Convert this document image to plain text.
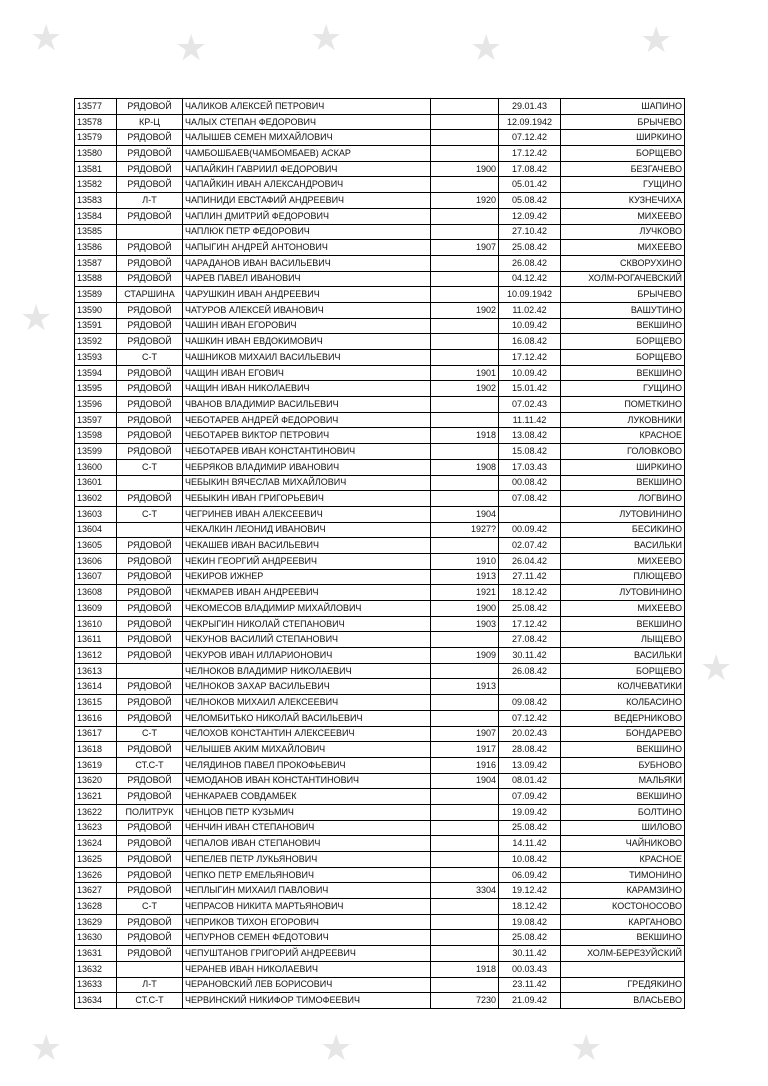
★	★	★	★	★
★
★
★	★	★
13577	РЯДОВОЙ	ЧАЛИКОВ АЛЕКСЕЙ ПЕТРОВИЧ		29.01.43	ШАПИНО
13578	КР-Ц	ЧАЛЫХ СТЕПАН ФЕДОРОВИЧ		12.09.1942	БРЫЧЕВО
13579	РЯДОВОЙ	ЧАЛЫШЕВ СЕМЕН МИХАЙЛОВИЧ		07.12.42	ШИРКИНО
13580	РЯДОВОЙ	ЧАМБОШБАЕВ(ЧАМБОМБАЕВ) АСКАР		17.12.42	БОРЩЕВО
13581	РЯДОВОЙ	ЧАПАЙКИН ГАВРИИЛ ФЕДОРОВИЧ	1900	17.08.42	БЕЗГАЧЕВО
13582	РЯДОВОЙ	ЧАПАЙКИН ИВАН АЛЕКСАНДРОВИЧ		05.01.42	ГУЩИНО
13583	Л-Т	ЧАПИНИДИ ЕВСТАФИЙ АНДРЕЕВИЧ	1920	05.08.42	КУЗНЕЧИХА
13584	РЯДОВОЙ	ЧАПЛИН ДМИТРИЙ ФЕДОРОВИЧ		12.09.42	МИХЕЕВО
13585		ЧАПЛЮК ПЕТР ФЕДОРОВИЧ		27.10.42	ЛУЧКОВО
13586	РЯДОВОЙ	ЧАПЫГИН АНДРЕЙ АНТОНОВИЧ	1907	25.08.42	МИХЕЕВО
13587	РЯДОВОЙ	ЧАРАДАНОВ ИВАН ВАСИЛЬЕВИЧ		26.08.42	СКВОРУХИНО
13588	РЯДОВОЙ	ЧАРЕВ ПАВЕЛ ИВАНОВИЧ		04.12.42	ХОЛМ-РОГАЧЕВСКИЙ
13589	СТАРШИНА	ЧАРУШКИН ИВАН АНДРЕЕВИЧ		10.09.1942	БРЫЧЕВО
13590	РЯДОВОЙ	ЧАТУРОВ АЛЕКСЕЙ ИВАНОВИЧ	1902	11.02.42	ВАШУТИНО
13591	РЯДОВОЙ	ЧАШИН ИВАН ЕГОРОВИЧ		10.09.42	ВЕКШИНО
13592	РЯДОВОЙ	ЧАШКИН ИВАН ЕВДОКИМОВИЧ		16.08.42	БОРЩЕВО
13593	С-Т	ЧАШНИКОВ МИХАИЛ ВАСИЛЬЕВИЧ		17.12.42	БОРЩЕВО
13594	РЯДОВОЙ	ЧАЩИН ИВАН ЕГОВИЧ	1901	10.09.42	ВЕКШИНО
13595	РЯДОВОЙ	ЧАЩИН ИВАН НИКОЛАЕВИЧ	1902	15.01.42	ГУЩИНО
13596	РЯДОВОЙ	ЧВАНОВ ВЛАДИМИР ВАСИЛЬЕВИЧ		07.02.43	ПОМЕТКИНО
13597	РЯДОВОЙ	ЧЕБОТАРЕВ АНДРЕЙ ФЕДОРОВИЧ		11.11.42	ЛУКОВНИКИ
13598	РЯДОВОЙ	ЧЕБОТАРЕВ ВИКТОР ПЕТРОВИЧ	1918	13.08.42	КРАСНОЕ
13599	РЯДОВОЙ	ЧЕБОТАРЕВ ИВАН КОНСТАНТИНОВИЧ		15.08.42	ГОЛОВКОВО
13600	С-Т	ЧЕБРЯКОВ ВЛАДИМИР ИВАНОВИЧ	1908	17.03.43	ШИРКИНО
13601		ЧЕБЫКИН ВЯЧЕСЛАВ МИХАЙЛОВИЧ		00.08.42	ВЕКШИНО
13602	РЯДОВОЙ	ЧЕБЫКИН ИВАН ГРИГОРЬЕВИЧ		07.08.42	ЛОГВИНО
13603	С-Т	ЧЕГРИНЕВ ИВАН АЛЕКСЕЕВИЧ	1904		ЛУТОВИНИНО
13604		ЧЕКАЛКИН ЛЕОНИД ИВАНОВИЧ	1927?	00.09.42	БЕСИКИНО
13605	РЯДОВОЙ	ЧЕКАШЕВ ИВАН ВАСИЛЬЕВИЧ		02.07.42	ВАСИЛЬКИ
13606	РЯДОВОЙ	ЧЕКИН ГЕОРГИЙ АНДРЕЕВИЧ	1910	26.04.42	МИХЕЕВО
13607	РЯДОВОЙ	ЧЕКИРОВ ИЖНЕР	1913	27.11.42	ПЛЮЩЕВО
13608	РЯДОВОЙ	ЧЕКМАРЕВ ИВАН АНДРЕЕВИЧ	1921	18.12.42	ЛУТОВИНИНО
13609	РЯДОВОЙ	ЧЕКОМЕСОВ ВЛАДИМИР МИХАЙЛОВИЧ	1900	25.08.42	МИХЕЕВО
13610	РЯДОВОЙ	ЧЕКРЫГИН НИКОЛАЙ СТЕПАНОВИЧ	1903	17.12.42	ВЕКШИНО
13611	РЯДОВОЙ	ЧЕКУНОВ ВАСИЛИЙ СТЕПАНОВИЧ		27.08.42	ЛЫЩЕВО
13612	РЯДОВОЙ	ЧЕКУРОВ ИВАН ИЛЛАРИОНОВИЧ	1909	30.11.42	ВАСИЛЬКИ
13613		ЧЕЛНОКОВ ВЛАДИМИР НИКОЛАЕВИЧ		26.08.42	БОРЩЕВО
13614	РЯДОВОЙ	ЧЕЛНОКОВ ЗАХАР ВАСИЛЬЕВИЧ	1913		КОЛЧЕВАТИКИ
13615	РЯДОВОЙ	ЧЕЛНОКОВ МИХАИЛ АЛЕКСЕЕВИЧ		09.08.42	КОЛБАСИНО
13616	РЯДОВОЙ	ЧЕЛОМБИТЬКО НИКОЛАЙ ВАСИЛЬЕВИЧ		07.12.42	ВЕДЕРНИКОВО
13617	С-Т	ЧЕЛОХОВ КОНСТАНТИН АЛЕКСЕЕВИЧ	1907	20.02.43	БОНДАРЕВО
13618	РЯДОВОЙ	ЧЕЛЫШЕВ АКИМ МИХАЙЛОВИЧ	1917	28.08.42	ВЕКШИНО
13619	СТ.С-Т	ЧЕЛЯДИНОВ ПАВЕЛ ПРОКОФЬЕВИЧ	1916	13.09.42	БУБНОВО
13620	РЯДОВОЙ	ЧЕМОДАНОВ ИВАН КОНСТАНТИНОВИЧ	1904	08.01.42	МАЛЬЯКИ
13621	РЯДОВОЙ	ЧЕНКАРАЕВ СОВДАМБЕК		07.09.42	ВЕКШИНО
13622	ПОЛИТРУК	ЧЕНЦОВ ПЕТР КУЗЬМИЧ		19.09.42	БОЛТИНО
13623	РЯДОВОЙ	ЧЕНЧИН ИВАН СТЕПАНОВИЧ		25.08.42	ШИЛОВО
13624	РЯДОВОЙ	ЧЕПАЛОВ ИВАН СТЕПАНОВИЧ		14.11.42	ЧАЙНИКОВО
13625	РЯДОВОЙ	ЧЕПЕЛЕВ ПЕТР ЛУКЬЯНОВИЧ		10.08.42	КРАСНОЕ
13626	РЯДОВОЙ	ЧЕПКО ПЕТР ЕМЕЛЬЯНОВИЧ		06.09.42	ТИМОНИНО
13627	РЯДОВОЙ	ЧЕПЛЫГИН МИХАИЛ ПАВЛОВИЧ	3304	19.12.42	КАРАМЗИНО
13628	С-Т	ЧЕПРАСОВ НИКИТА МАРТЬЯНОВИЧ		18.12.42	КОСТОНОСОВО
13629	РЯДОВОЙ	ЧЕПРИКОВ ТИХОН ЕГОРОВИЧ		19.08.42	КАРГАНОВО
13630	РЯДОВОЙ	ЧЕПУРНОВ СЕМЕН ФЕДОТОВИЧ		25.08.42	ВЕКШИНО
13631	РЯДОВОЙ	ЧЕПУШТАНОВ ГРИГОРИЙ АНДРЕЕВИЧ		30.11.42	ХОЛМ-БЕРЕЗУЙСКИЙ
13632		ЧЕРАНЕВ ИВАН НИКОЛАЕВИЧ	1918	00.03.43	
13633	Л-Т	ЧЕРАНОВСКИЙ ЛЕВ БОРИСОВИЧ		23.11.42	ГРЕДЯКИНО
13634	СТ.С-Т	ЧЕРВИНСКИЙ НИКИФОР ТИМОФЕЕВИЧ	7230	21.09.42	ВЛАСЬЕВО
